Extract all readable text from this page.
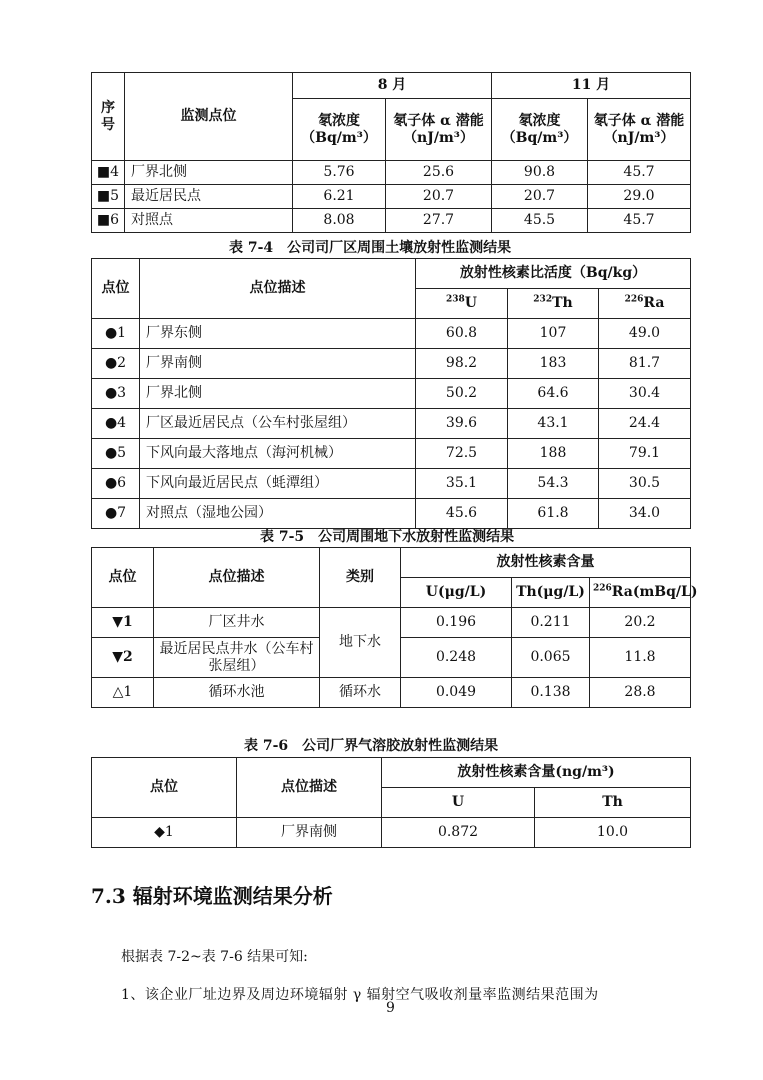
序号	监测点位	8 月		11 月	
		氡浓度（Bq/m³）	氡子体 α 潜能（nJ/m³）	氡浓度（Bq/m³）	氡子体 α 潜能（nJ/m³）
■4	厂界北侧	5.76	25.6	90.8	45.7
■5	最近居民点	6.21	20.7	20.7	29.0
■6	对照点	8.08	27.7	45.5	45.7
表 7-4　公司司厂区周围土壤放射性监测结果
点位	点位描述	放射性核素比活度（Bq/kg）		
		$^{238}$U	$^{232}$Th	$^{226}$Ra
●1	厂界东侧	60.8	107	49.0
●2	厂界南侧	98.2	183	81.7
●3	厂界北侧	50.2	64.6	30.4
●4	厂区最近居民点（公车村张屋组）	39.6	43.1	24.4
●5	下风向最大落地点（海河机械）	72.5	188	79.1
●6	下风向最近居民点（蚝潭组）	35.1	54.3	30.5
●7	对照点（湿地公园）	45.6	61.8	34.0
表 7-5　公司周围地下水放射性监测结果
点位	点位描述	类别	放射性核素含量		
			U(μg/L)	Th(μg/L)	$^{226}$Ra(mBq/L)
▼1	厂区井水	地下水	0.196	0.211	20.2
▼2	最近居民点井水（公车村张屋组）		0.248	0.065	11.8
△1	循环水池	循环水	0.049	0.138	28.8
表 7-6　公司厂界气溶胶放射性监测结果
点位	点位描述	放射性核素含量(ng/m³)	
		U	Th
◆1	厂界南侧	0.872	10.0
7.3 辐射环境监测结果分析
根据表 7-2~表 7-6 结果可知:
1、该企业厂址边界及周边环境辐射 γ 辐射空气吸收剂量率监测结果范围为
9
